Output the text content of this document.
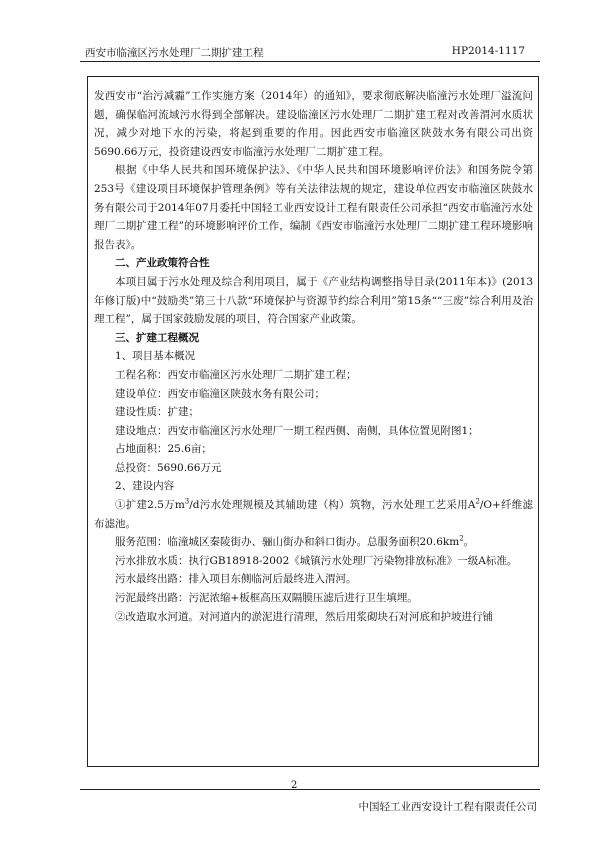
西安市临潼区污水处理厂二期扩建工程	HP2014-1117

发西安市“治污减霾”工作实施方案（2014年）的通知》，要求彻底解决临潼污水处理厂溢流问题，确保临河流域污水得到全部解决。建设临潼区污水处理厂二期扩建工程对改善渭河水质状况，减少对地下水的污染，将起到重要的作用。因此西安市临潼区陕鼓水务有限公司出资5690.66万元，投资建设西安市临潼污水处理厂二期扩建工程。

根据《中华人民共和国环境保护法》、《中华人民共和国环境影响评价法》和国务院令第253号《建设项目环境保护管理条例》等有关法律法规的规定，建设单位西安市临潼区陕鼓水务有限公司于2014年07月委托中国轻工业西安设计工程有限责任公司承担“西安市临潼污水处理厂二期扩建工程”的环境影响评价工作，编制《西安市临潼污水处理厂二期扩建工程环境影响报告表》。

二、产业政策符合性

本项目属于污水处理及综合利用项目，属于《产业结构调整指导目录(2011年本)》(2013年修订版)中“鼓励类”第三十八款“环境保护与资源节约综合利用”第15条““三废”综合利用及治理工程”，属于国家鼓励发展的项目，符合国家产业政策。

三、扩建工程概况

1、项目基本概况

工程名称：西安市临潼区污水处理厂二期扩建工程；

建设单位：西安市临潼区陕鼓水务有限公司；

建设性质：扩建；

建设地点：西安市临潼区污水处理厂一期工程西侧、南侧，具体位置见附图1；

占地面积：25.6亩；

总投资：5690.66万元

2、建设内容

①扩建2.5万$m^3/d$污水处理规模及其辅助建（构）筑物，污水处理工艺采用$A^2/O+$纤维滤布滤池。

服务范围：临潼城区秦陵街办、骊山街办和斜口街办。总服务面积$20.6km^2$。

污水排放水质：执行GB18918-2002《城镇污水处理厂污染物排放标准》一级A标准。

污水最终出路：排入项目东侧临河后最终进入渭河。

污泥最终出路：污泥浓缩+板框高压双隔膜压滤后进行卫生填埋。

②改造取水河道。对河道内的淤泥进行清理，然后用浆砌块石对河底和护坡进行铺

2
中国轻工业西安设计工程有限责任公司
